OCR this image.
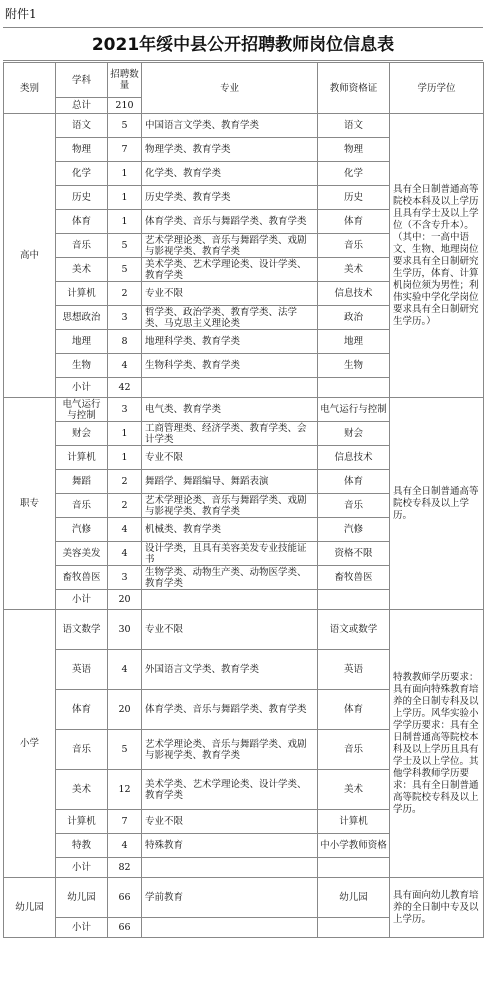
附件1
2021年绥中县公开招聘教师岗位信息表
类别	学科	招聘数量	专业	教师资格证	学历学位
	总计	210			
高中	语文	5	中国语言文学类、教育学类	语文	具有全日制普通高等院校本科及以上学历且具有学士及以上学位（不含专升本）。（其中：一高中语文、生物、地理岗位要求具有全日制研究生学历，体育、计算机岗位须为男性；利伟实验中学化学岗位要求具有全日制研究生学历。）
	物理	7	物理学类、教育学类	物理	
	化学	1	化学类、教育学类	化学	
	历史	1	历史学类、教育学类	历史	
	体育	1	体育学类、音乐与舞蹈学类、教育学类	体育	
	音乐	5	艺术学理论类、音乐与舞蹈学类、戏剧与影视学类、教育学类	音乐	
	美术	5	美术学类、艺术学理论类、设计学类、教育学类	美术	
	计算机	2	专业不限	信息技术	
	思想政治	3	哲学类、政治学类、教育学类、法学类、马克思主义理论类	政治	
	地理	8	地理科学类、教育学类	地理	
	生物	4	生物科学类、教育学类	生物	
	小计	42			
职专	电气运行与控制	3	电气类、教育学类	电气运行与控制	具有全日制普通高等院校专科及以上学历。
	财会	1	工商管理类、经济学类、教育学类、会计学类	财会	
	计算机	1	专业不限	信息技术	
	舞蹈	2	舞蹈学、舞蹈编导、舞蹈表演	体育	
	音乐	2	艺术学理论类、音乐与舞蹈学类、戏剧与影视学类、教育学类	音乐	
	汽修	4	机械类、教育学类	汽修	
	美容美发	4	设计学类，且具有美容美发专业技能证书	资格不限	
	畜牧兽医	3	生物学类、动物生产类、动物医学类、教育学类	畜牧兽医	
	小计	20			
小学	语文数学	30	专业不限	语文或数学	特教教师学历要求：具有面向特殊教育培养的全日制专科及以上学历。风华实验小学学历要求：具有全日制普通高等院校本科及以上学历且具有学士及以上学位。其他学科教师学历要求：具有全日制普通高等院校专科及以上学历。
	英语	4	外国语言文学类、教育学类	英语	
	体育	20	体育学类、音乐与舞蹈学类、教育学类	体育	
	音乐	5	艺术学理论类、音乐与舞蹈学类、戏剧与影视学类、教育学类	音乐	
	美术	12	美术学类、艺术学理论类、设计学类、教育学类	美术	
	计算机	7	专业不限	计算机	
	特教	4	特殊教育	中小学教师资格	
	小计	82			
幼儿园	幼儿园	66	学前教育	幼儿园	具有面向幼儿教育培养的全日制中专及以上学历。
	小计	66			
